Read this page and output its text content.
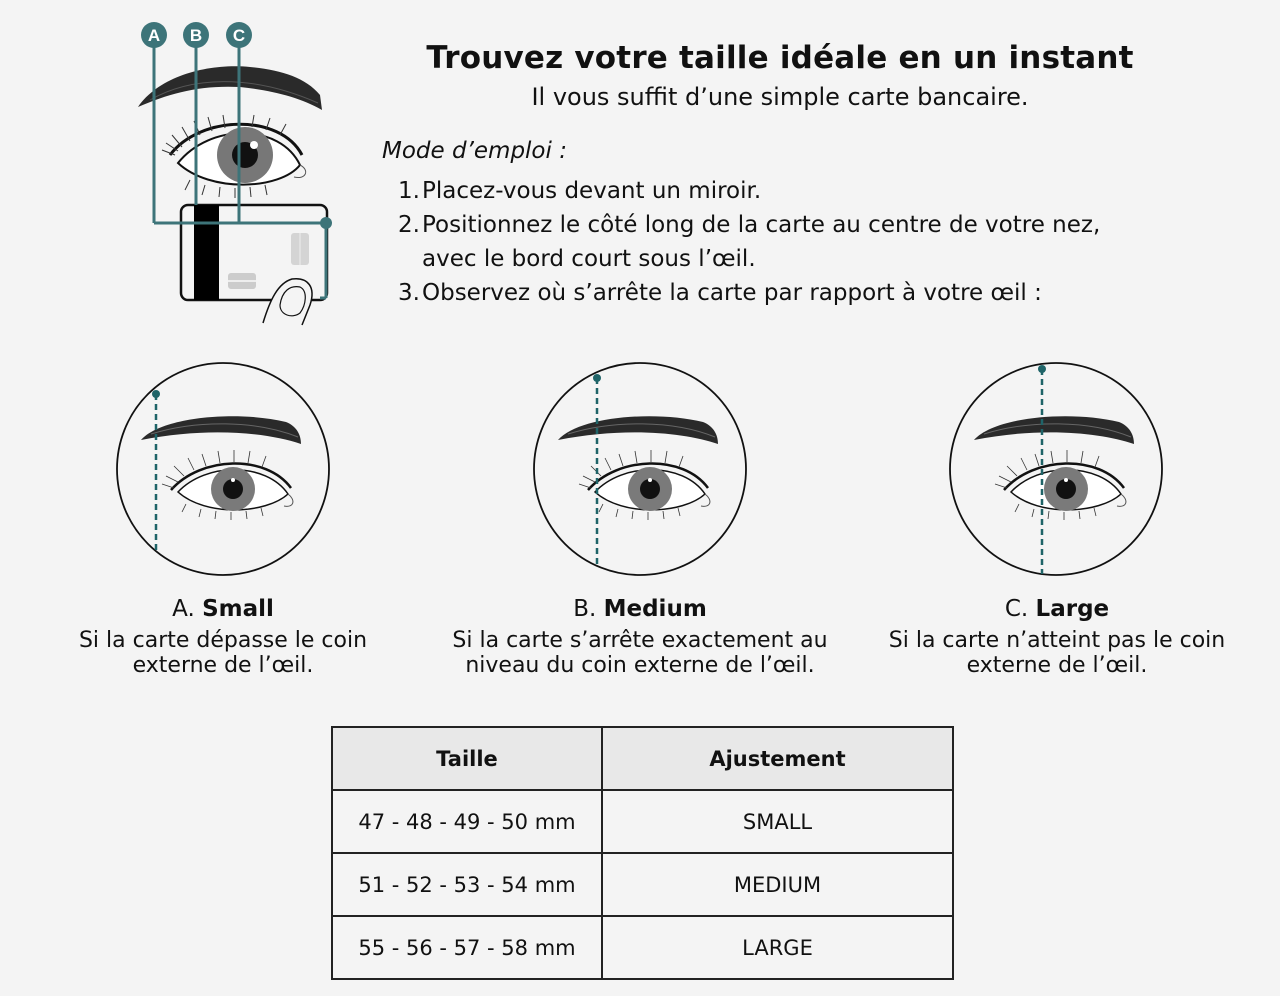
A B C
Trouvez votre taille idéale en un instant
Il vous suffit d’une simple carte bancaire.
Mode d’emploi :
1.Placez-vous devant un miroir.
2.Positionnez le côté long de la carte au centre de votre nez,
avec le bord court sous l’œil.
3.Observez où s’arrête la carte par rapport à votre œil :
A. Small
Si la carte dépasse le coin
externe de l’œil.
B. Medium
Si la carte s’arrête exactement au
niveau du coin externe de l’œil.
C. Large
Si la carte n’atteint pas le coin
externe de l’œil.
Taille	Ajustement
47 - 48 - 49 - 50 mm	SMALL
51 - 52 - 53 - 54 mm	MEDIUM
55 - 56 - 57 - 58 mm	LARGE
